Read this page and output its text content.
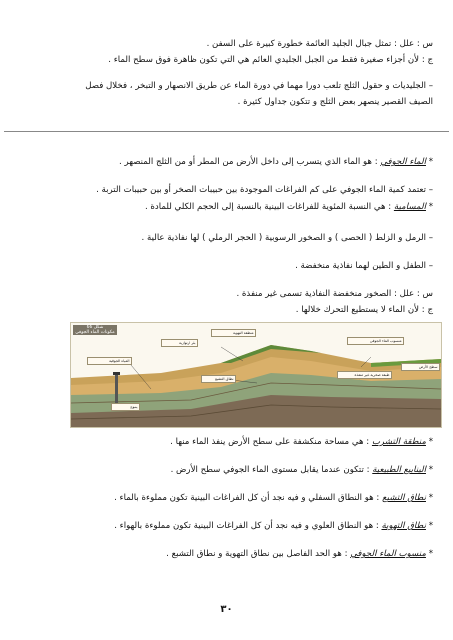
س : علل : تمثل جبال الجليد العائمة خطورة كبيرة على السفن .
ج : لأن أجزاء صغيرة فقط من الجبل الجليدي العائم هي التي تكون ظاهرة فوق سطح الماء .
– الجليديات و حقول الثلج تلعب دورا مهما في دورة الماء عن طريق الانصهار و التبخر ، فخلال فصل
الصيف القصير ينصهر بعض الثلج و تتكون جداول كثيرة .
* الماء الجوفي : هو الماء الذي يتسرب إلى داخل الأرض من المطر أو من الثلج المنصهر .
– تعتمد كمية الماء الجوفي على كم الفراغات الموجودة بين حبيبات الصخر أو بين حبيبات التربة .
* المسامية : هي النسبة المئوية للفراغات البينية بالنسبة إلى الحجم الكلي للمادة .
– الرمل و الزلط ( الحصى ) و الصخور الرسوبية ( الحجر الرملي ) لها نفاذية عالية .
– الطفل و الطين لهما نفاذية منخفضة .
س : علل : الصخور منخفضة النفاذية تسمى غير منفذة .
ج : لأن الماء لا يستطيع التحرك خلالها .
شكل 66
مكونات الماء الجوفي
المياه الجوفية
بئر ارتوازية
منطقة التهوية
نطاق التشبع
منسوب الماء الجوفي
سطح الأرض
طبقة صخرية غير منفذة
ينبوع
* منطقة التشرب : هي مساحة منكشفة على سطح الأرض ينفذ الماء منها .
* الينابيع الطبيعية : تتكون عندما يقابل مستوى الماء الجوفي سطح الأرض .
* نطاق التشبع : هو النطاق السفلي و فيه نجد أن كل الفراغات البينية تكون مملوءة بالماء .
* نطاق التهوية : هو النطاق العلوي و فيه نجد أن كل الفراغات البينية تكون مملوءة بالهواء .
* منسوب الماء الجوفي : هو الحد الفاصل بين نطاق التهوية و نطاق التشبع .
٣٠
